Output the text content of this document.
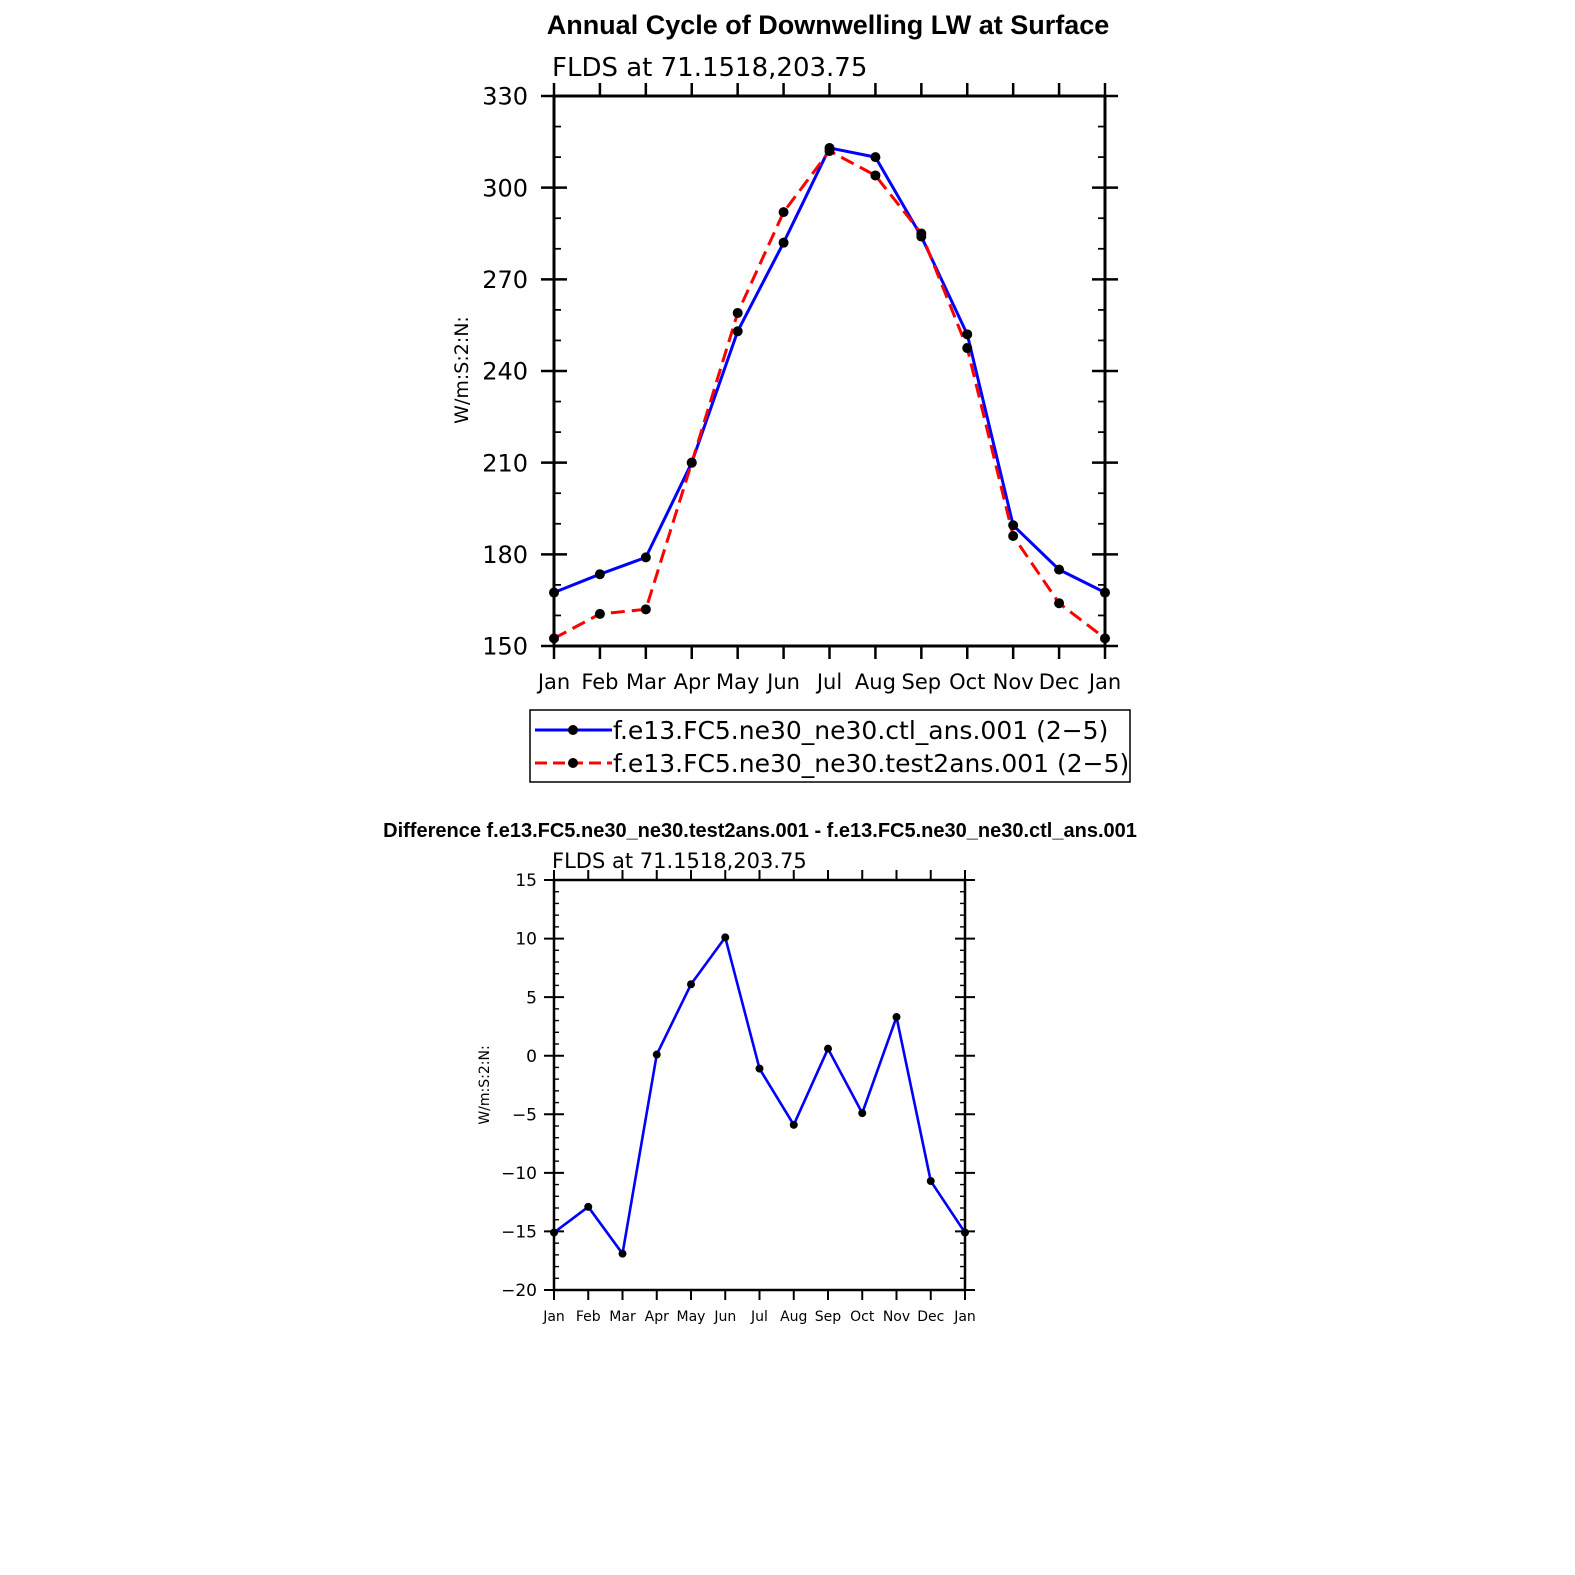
Annual Cycle of Downwelling LW at Surface
FLDS at 71.1518,203.75
W/m:S:2:N:
150
180
210
240
270
300
330
Jan Feb Mar Apr May Jun Jul Aug Sep Oct Nov Dec Jan
f.e13.FC5.ne30_ne30.ctl_ans.001 (2−5)
f.e13.FC5.ne30_ne30.test2ans.001 (2−5)
Difference f.e13.FC5.ne30_ne30.test2ans.001 - f.e13.FC5.ne30_ne30.ctl_ans.001
FLDS at 71.1518,203.75
W/m:S:2:N:
−20
−15
−10
−5
0
5
10
15
Jan Feb Mar Apr May Jun Jul Aug Sep Oct Nov Dec Jan
